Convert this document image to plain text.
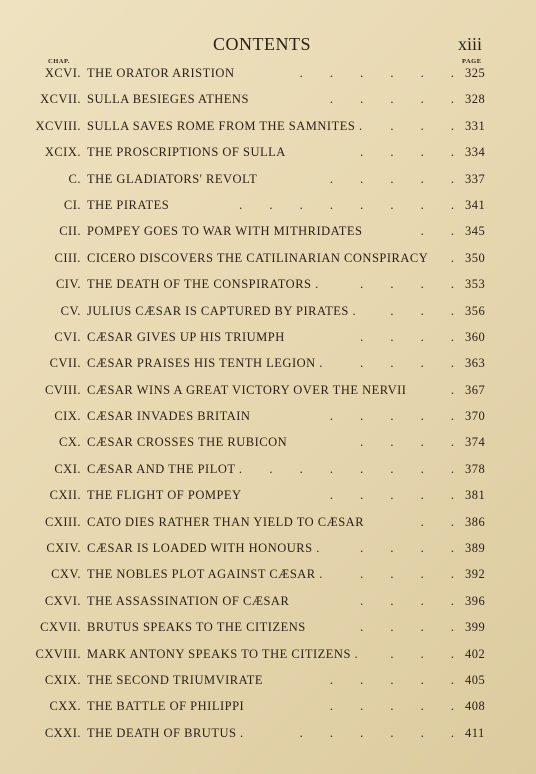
CONTENTS	xiii
CHAP.	PAGE
XCVI. THE ORATOR ARISTION	. . . . . . 325
XCVII. SULLA BESIEGES ATHENS	. . . . . 328
XCVIII. SULLA SAVES ROME FROM THE SAMNITES . . . . 331
XCIX. THE PROSCRIPTIONS OF SULLA	. . . . 334
C. THE GLADIATORS' REVOLT	. . . . . 337
CI. THE PIRATES	. . . . . . . . 341
CII. POMPEY GOES TO WAR WITH MITHRIDATES	. . 345
CIII. CICERO DISCOVERS THE CATILINARIAN CONSPIRACY . 350
CIV. THE DEATH OF THE CONSPIRATORS .	. . . . 353
CV. JULIUS CÆSAR IS CAPTURED BY PIRATES .	. . . 356
CVI. CÆSAR GIVES UP HIS TRIUMPH	. . . . 360
CVII. CÆSAR PRAISES HIS TENTH LEGION .	. . . . 363
CVIII. CÆSAR WINS A GREAT VICTORY OVER THE NERVII	. 367
CIX. CÆSAR INVADES BRITAIN	. . . . . 370
CX. CÆSAR CROSSES THE RUBICON	. . . . 374
CXI. CÆSAR AND THE PILOT . . . . . . . . 378
CXII. THE FLIGHT OF POMPEY	. . . . . 381
CXIII. CATO DIES RATHER THAN YIELD TO CÆSAR	. . 386
CXIV. CÆSAR IS LOADED WITH HONOURS .	. . . . 389
CXV. THE NOBLES PLOT AGAINST CÆSAR .	. . . . 392
CXVI. THE ASSASSINATION OF CÆSAR	. . . . 396
CXVII. BRUTUS SPEAKS TO THE CITIZENS	. . . . 399
CXVIII. MARK ANTONY SPEAKS TO THE CITIZENS .	. . . 402
CXIX. THE SECOND TRIUMVIRATE	. . . . . 405
CXX. THE BATTLE OF PHILIPPI	. . . . . 408
CXXI. THE DEATH OF BRUTUS .	. . . . . . 411
